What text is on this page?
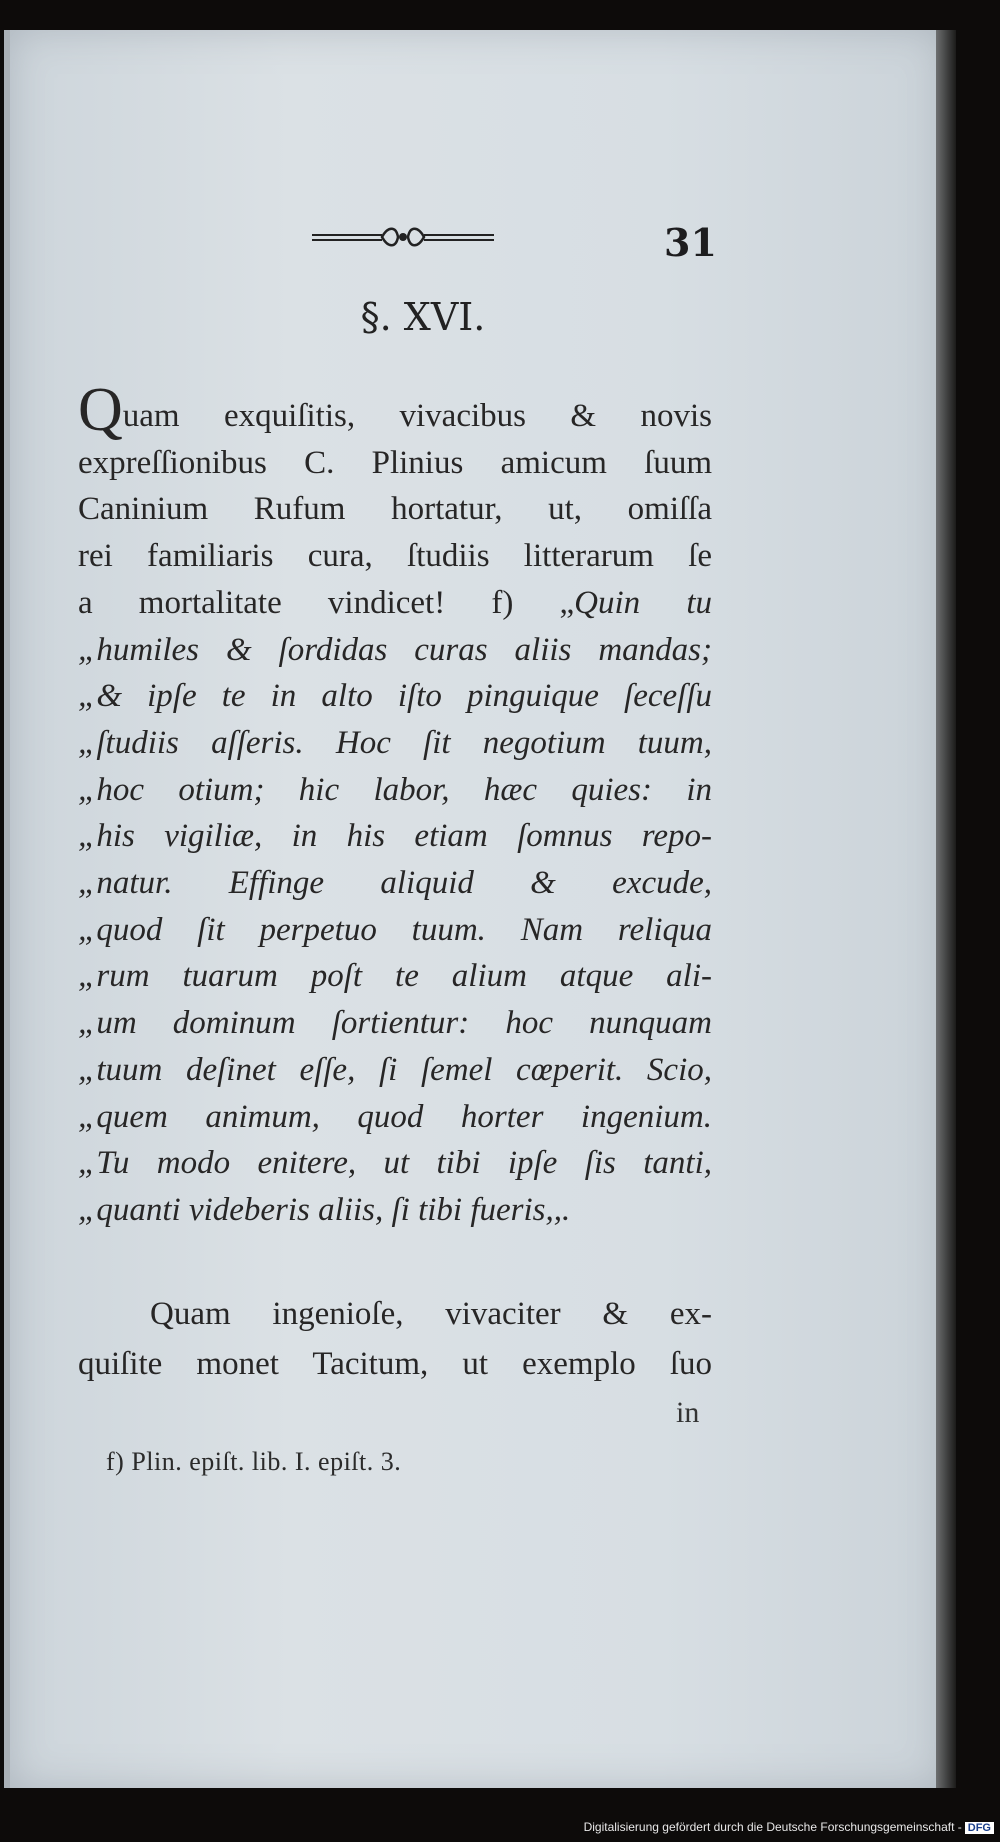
31
§. XVI.
Quam exquiſitis, vivacibus & novis
expreſſionibus C. Plinius amicum ſuum
Caninium Rufum hortatur, ut, omiſſa
rei familiaris cura, ſtudiis litterarum ſe
a mortalitate vindicet! f) „Quin tu
„humiles & ſordidas curas aliis mandas;
„& ipſe te in alto iſto pinguique ſeceſſu
„ſtudiis aſſeris. Hoc ſit negotium tuum,
„hoc otium; hic labor, hæc quies: in
„his vigiliæ, in his etiam ſomnus repo-
„natur. Effinge aliquid & excude,
„quod ſit perpetuo tuum. Nam reliqua
„rum tuarum poſt te alium atque ali-
„um dominum ſortientur: hoc nunquam
„tuum deſinet eſſe, ſi ſemel cœperit. Scio,
„quem animum, quod horter ingenium.
„Tu modo enitere, ut tibi ipſe ſis tanti,
„quanti videberis aliis, ſi tibi fueris,,.
Quam ingenioſe, vivaciter & ex-
quiſite monet Tacitum, ut exemplo ſuo
in
f) Plin. epiſt. lib. I. epiſt. 3.
Digitalisierung gefördert durch die Deutsche Forschungsgemeinschaft - DFG
